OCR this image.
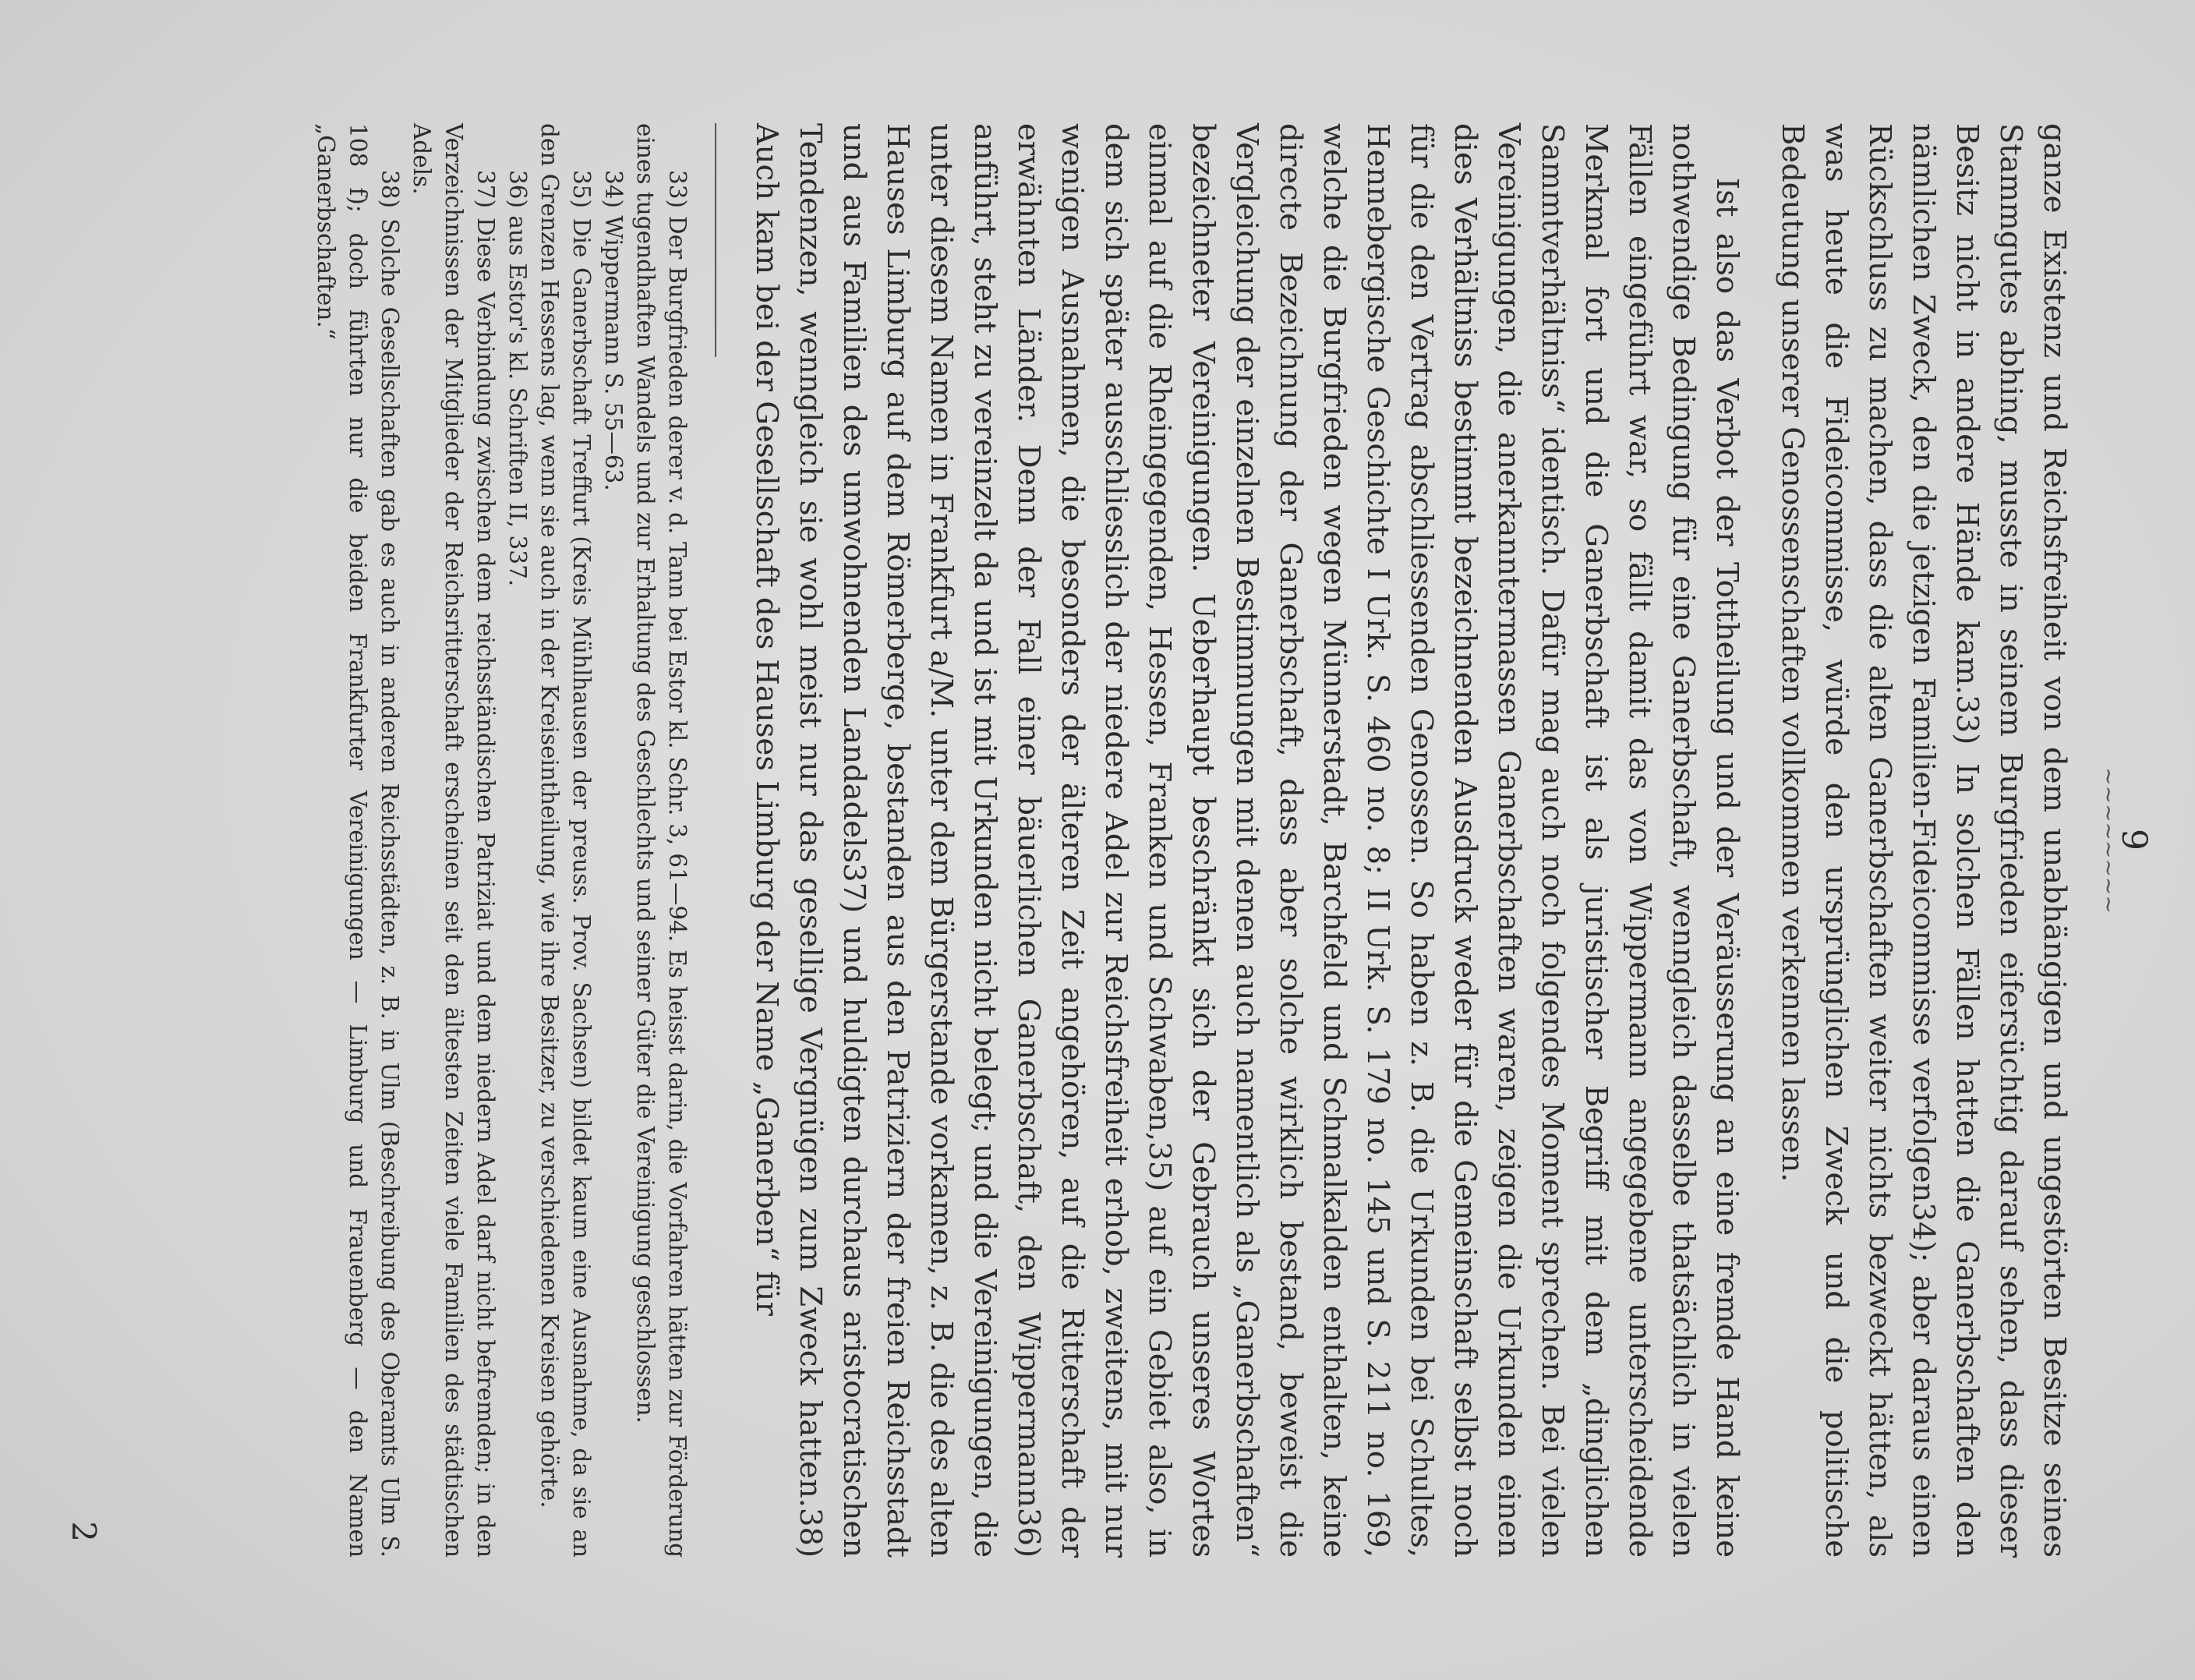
9
~~~~~~~~

ganze Existenz und Reichsfreiheit von dem unabhängigen und ungestörten Besitze seines Stammgutes abhing, musste in seinem Burgfrieden eifersüchtig darauf sehen, dass dieser Besitz nicht in andere Hände kam.33) In solchen Fällen hatten die Ganerbschaften den nämlichen Zweck, den die jetzigen Familien-Fideicommisse verfolgen34); aber daraus einen Rückschluss zu machen, dass die alten Ganerbschaften weiter nichts bezweckt hätten, als was heute die Fideicommisse, würde den ursprünglichen Zweck und die politische Bedeutung unserer Genossenschaften vollkommen verkennen lassen.

Ist also das Verbot der Tottheilung und der Veräusserung an eine fremde Hand keine nothwendige Bedingung für eine Ganerbschaft, wenngleich dasselbe thatsächlich in vielen Fällen eingeführt war, so fällt damit das von Wippermann angegebene unterscheidende Merkmal fort und die Ganerbschaft ist als juristischer Begriff mit dem „dinglichen Sammtverhältniss“ identisch. Dafür mag auch noch folgendes Moment sprechen. Bei vielen Vereinigungen, die anerkanntermassen Ganerbschaften waren, zeigen die Urkunden einen dies Verhältniss bestimmt bezeichnenden Ausdruck weder für die Gemeinschaft selbst noch für die den Vertrag abschliessenden Genossen. So haben z. B. die Urkunden bei Schultes, Hennebergische Geschichte I Urk. S. 460 no. 8; II Urk. S. 179 no. 145 und S. 211 no. 169, welche die Burgfrieden wegen Münnerstadt, Barchfeld und Schmalkalden enthalten, keine directe Bezeichnung der Ganerbschaft, dass aber solche wirklich bestand, beweist die Vergleichung der einzelnen Bestimmungen mit denen auch namentlich als „Ganerbschaften“ bezeichneter Vereinigungen. Ueberhaupt beschränkt sich der Gebrauch unseres Wortes einmal auf die Rheingegenden, Hessen, Franken und Schwaben,35) auf ein Gebiet also, in dem sich später ausschliesslich der niedere Adel zur Reichsfreiheit erhob, zweitens, mit nur wenigen Ausnahmen, die besonders der älteren Zeit angehören, auf die Ritterschaft der erwähnten Länder. Denn der Fall einer bäuerlichen Ganerbschaft, den Wippermann36) anführt, steht zu vereinzelt da und ist mit Urkunden nicht belegt; und die Vereinigungen, die unter diesem Namen in Frankfurt a/M. unter dem Bürgerstande vorkamen, z. B. die des alten Hauses Limburg auf dem Römerberge, bestanden aus den Patriziern der freien Reichsstadt und aus Familien des umwohnenden Landadels37) und huldigten durchaus aristocratischen Tendenzen, wenngleich sie wohl meist nur das gesellige Vergnügen zum Zweck hatten.38) Auch kam bei der Gesellschaft des Hauses Limburg der Name „Ganerben“ für

33) Der Burgfrieden derer v. d. Tann bei Estor kl. Schr. 3, 61—94. Es heisst darin, die Vorfahren hätten zur Förderung eines tugendhaften Wandels und zur Erhaltung des Geschlechts und seiner Güter die Vereinigung geschlossen.

34) Wippermann S. 55—63.

35) Die Ganerbschaft Treffurt (Kreis Mühlhausen der preuss. Prov. Sachsen) bildet kaum eine Ausnahme, da sie an den Grenzen Hessens lag, wenn sie auch in der Kreiseintheilung, wie ihre Besitzer, zu verschiedenen Kreisen gehörte.

36) aus Estor's kl. Schriften II, 337.

37) Diese Verbindung zwischen dem reichsständischen Patriziat und dem niedern Adel darf nicht befremden; in den Verzeichnissen der Mitglieder der Reichsritterschaft erscheinen seit den ältesten Zeiten viele Familien des städtischen Adels.

38) Solche Gesellschaften gab es auch in anderen Reichsstädten, z. B. in Ulm (Beschreibung des Oberamts Ulm S. 108 f); doch führten nur die beiden Frankfurter Vereinigungen — Limburg und Frauenberg — den Namen „Ganerbschaften.“

2
